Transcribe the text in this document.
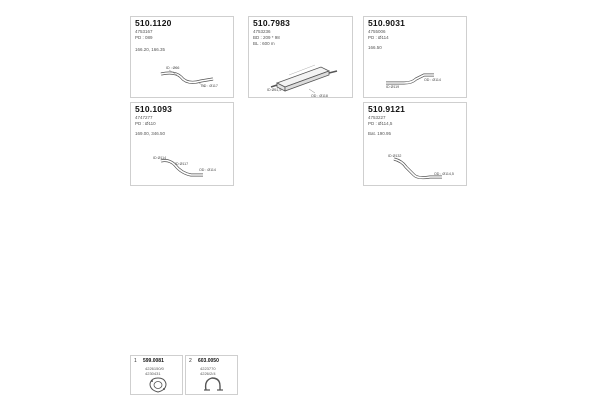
510.1120
4753167
PD : 089
166.20, 166.35
ID : Ø66
OD : Ø117
510.7983
4753236
BD : 209 * 98
BL : 600 m
ID Ø51,5
OD : Ø118
510.9031
4755006
PD : Ø114
166.50
ID Ø119
OD : Ø114
510.1093
4747277
PD : Ø110
169.00, 346.50
ID Ø114
ID Ø117
OD : Ø114
510.9121
4753227
PD : Ø114,5
Bat. 190.95
ID Ø132
OD : Ø114,5
1 599.0081
4226150/0
4230431
2 603.0050
4223770
4226/2/4
